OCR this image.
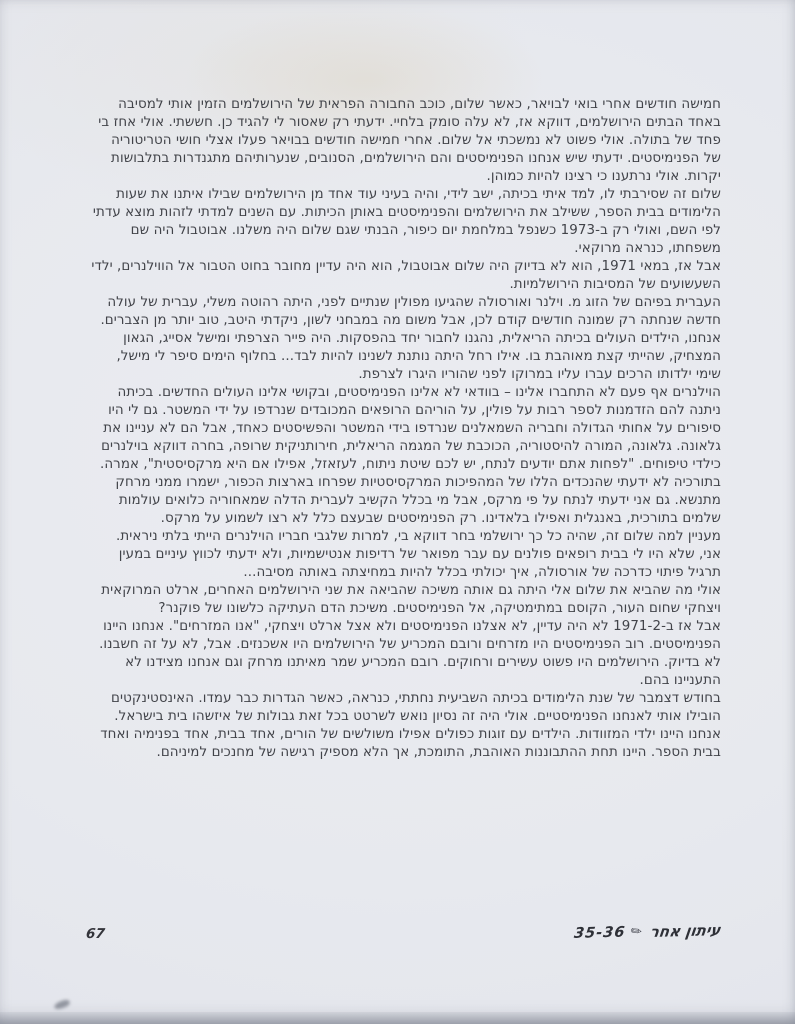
חמישה חודשים אחרי בואי לבויאר, כאשר שלום, כוכב החבורה הפראית של הירושלמים הזמין אותי למסיבה באחד הבתים הירושלמים, דווקא אז, לא עלה סומק בלחיי. ידעתי רק שאסור לי להגיד כן. חששתי. אולי אחז בי פחד של בתולה. אולי פשוט לא נמשכתי אל שלום. אחרי חמישה חודשים בבויאר פעלו אצלי חושי הטריטוריה של הפנימיסטים. ידעתי שיש אנחנו הפנימיסטים והם הירושלמים, הסנובים, שנערותיהם מתגנדרות בתלבושות יקרות. אולי נרתענו כי רצינו להיות כמוהן.

שלום זה שסירבתי לו, למד איתי בכיתה, ישב לידי, והיה בעיני עוד אחד מן הירושלמים שבילו איתנו את שעות הלימודים בבית הספר, ששילב את הירושלמים והפנימיסטים באותן הכיתות. עם השנים למדתי לזהות מוצא עדתי לפי השם, ואולי רק ב-1973 כשנפל במלחמת יום כיפור, הבנתי שגם שלום היה משלנו. אבוטבול היה שם משפחתו, כנראה מרוקאי.

אבל אז, במאי 1971, הוא לא בדיוק היה שלום אבוטבול, הוא היה עדיין מחובר בחוט הטבור אל הווילנרים, ילדי השעשועים של המסיבות הירושלמיות.

העברית בפיהם של הזוג מ. וילנר ואורסולה שהגיעו מפולין שנתיים לפני, היתה רהוטה משלי, עברית של עולה חדשה שנחתה רק שמונה חודשים קודם לכן, אבל משום מה במבחני לשון, ניקדתי היטב, טוב יותר מן הצברים.

אנחנו, הילדים העולים בכיתה הריאלית, נהגנו לחבור יחד בהפסקות. היה פייר הצרפתי ומישל אסייג, הגאון המצחיק, שהייתי קצת מאוהבת בו. אילו רחל היתה נותנת לשנינו להיות לבד... בחלוף הימים סיפר לי מישל, שימי ילדותו הרכים עברו עליו במרוקו לפני שהוריו היגרו לצרפת.

הוילנרים אף פעם לא התחברו אלינו – בוודאי לא אלינו הפנימיסטים, ובקושי אלינו העולים החדשים. בכיתה ניתנה להם הזדמנות לספר רבות על פולין, על הוריהם הרופאים המכובדים שנרדפו על ידי המשטר. גם לי היו סיפורים על אחותי הגדולה וחבריה השמאלנים שנרדפו בידי המשטר והפשיסטים כאחד, אבל הם לא עניינו את גלאונה. גלאונה, המורה להיסטוריה, הכוכבת של המגמה הריאלית, חירותניקית שרופה, בחרה דווקא בוילנרים כילדי טיפוחים. "לפחות אתם יודעים לנתח, יש לכם שיטת ניתוח, לעזאזל, אפילו אם היא מרקסיסטית", אמרה.

בתורכיה לא ידעתי שהנכדים הללו של המהפיכות המרקסיסטיות שפרחו בארצות הכפור, ישמרו ממני מרחק מתנשא. גם אני ידעתי לנתח על פי מרקס, אבל מי בכלל הקשיב לעברית הדלה שמאחוריה כלואים עולמות שלמים בתורכית, באנגלית ואפילו בלאדינו. רק הפנימיסטים שבעצם כלל לא רצו לשמוע על מרקס.

מעניין למה שלום זה, שהיה כל כך ירושלמי בחר דווקא בי, למרות שלגבי חבריו הוילנרים הייתי בלתי ניראית. אני, שלא היו לי בבית רופאים פולנים עם עבר מפואר של רדיפות אנטישמיות, ולא ידעתי לכווץ עיניים במעין תרגיל פיתוי כדרכה של אורסולה, איך יכולתי בכלל להיות במחיצתה באותה מסיבה...

אולי מה שהביא את שלום אלי היתה גם אותה משיכה שהביאה את שני הירושלמים האחרים, ארלט המרוקאית ויצחקי שחום העור, הקוסם במתימטיקה, אל הפנימיסטים. משיכת הדם העתיקה כלשונו של פוקנר?

אבל אז ב-1971-2 לא היה עדיין, לא אצלנו הפנימיסטים ולא אצל ארלט ויצחקי, "אנו המזרחים". אנחנו היינו הפנימיסטים. רוב הפנימיסטים היו מזרחים ורובם המכריע של הירושלמים היו אשכנזים. אבל, לא על זה חשבנו. לא בדיוק. הירושלמים היו פשוט עשירים ורחוקים. רובם המכריע שמר מאיתנו מרחק וגם אנחנו מצידנו לא התעניינו בהם.

בחודש דצמבר של שנת הלימודים בכיתה השביעית נחתתי, כנראה, כאשר הגדרות כבר עמדו. האינסטינקטים הובילו אותי לאנחנו הפנימיסטיים. אולי היה זה נסיון נואש לשרטט בכל זאת גבולות של איזשהו בית בישראל.

אנחנו היינו ילדי המזוודות. הילדים עם זוגות כפולים אפילו משולשים של הורים, אחד בבית, אחד בפנימיה ואחד בבית הספר. היינו תחת ההתבוננות האוהבת, התומכת, אך הלא מספיק רגישה של מחנכים למיניהם.

67	עיתון אחר
✎
35-36
